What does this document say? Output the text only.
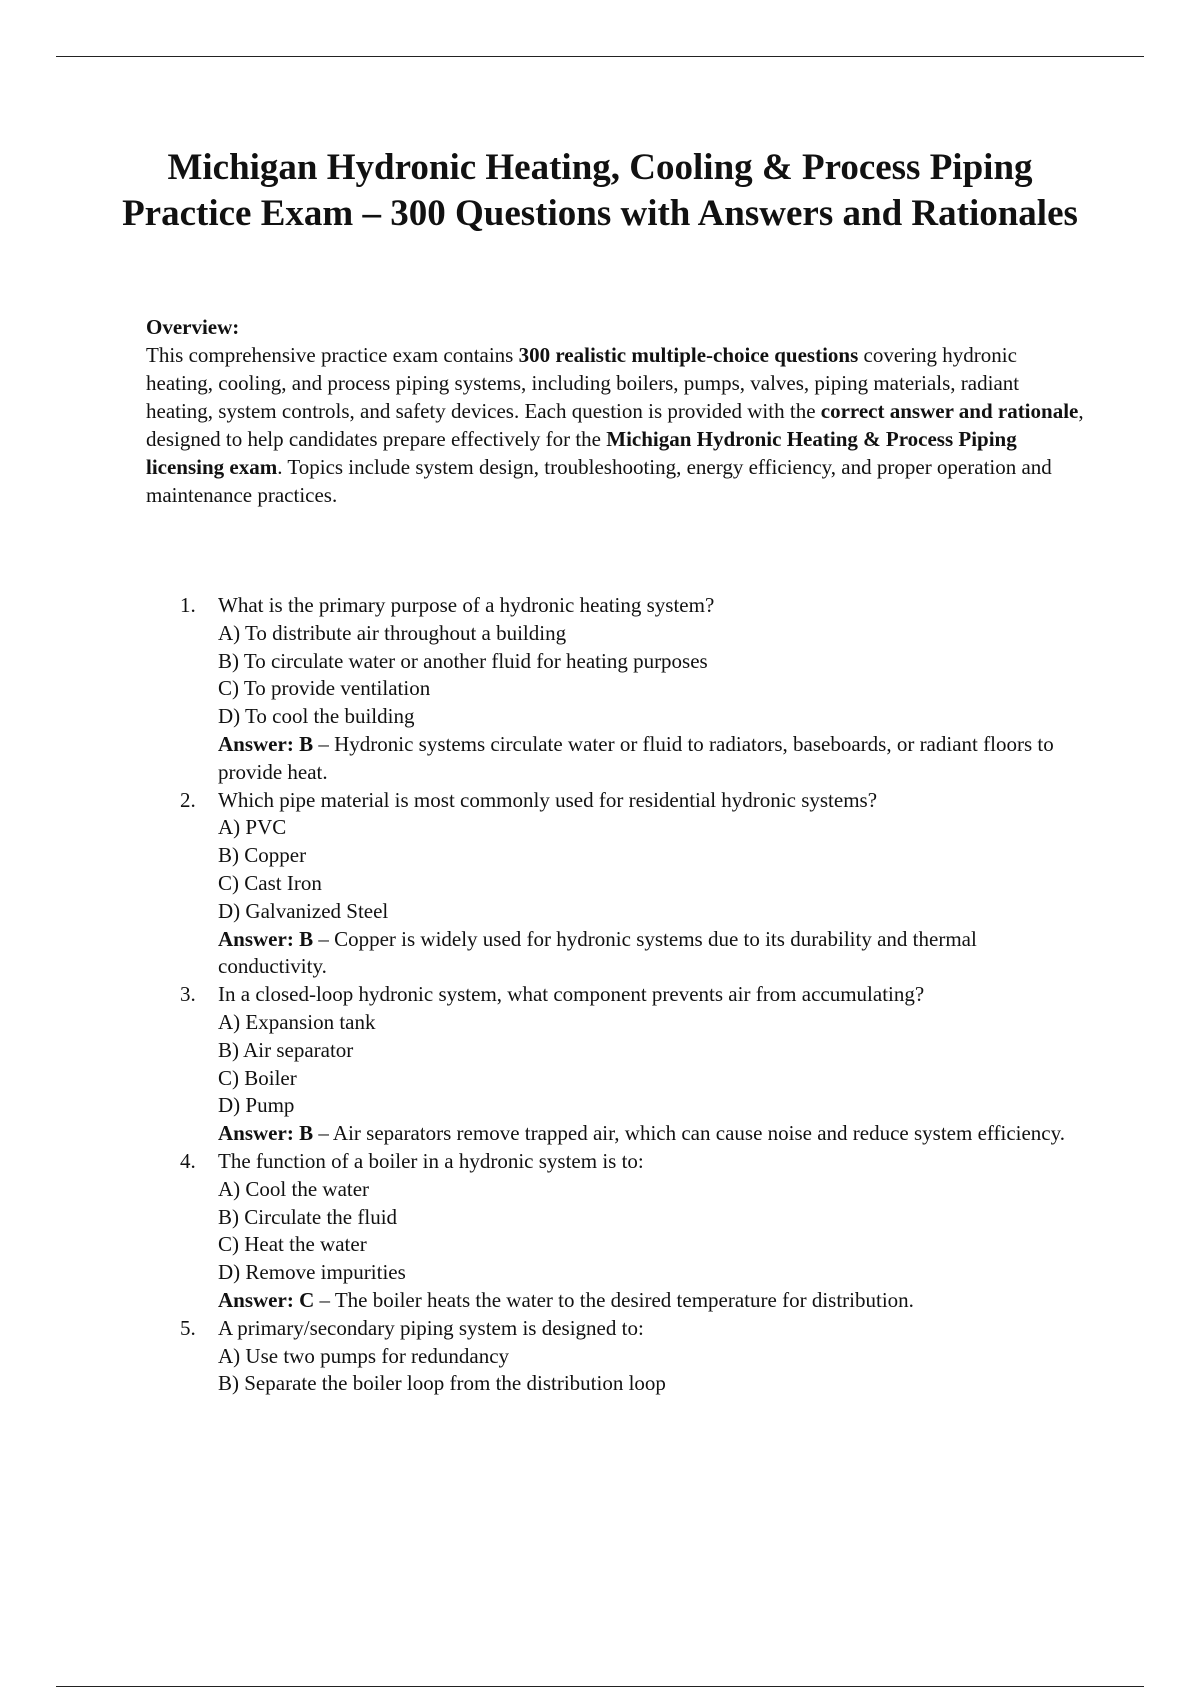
Michigan Hydronic Heating, Cooling & Process Piping Practice Exam – 300 Questions with Answers and Rationales
Overview:

This comprehensive practice exam contains 300 realistic multiple-choice questions covering hydronic heating, cooling, and process piping systems, including boilers, pumps, valves, piping materials, radiant heating, system controls, and safety devices. Each question is provided with the correct answer and rationale, designed to help candidates prepare effectively for the Michigan Hydronic Heating & Process Piping licensing exam. Topics include system design, troubleshooting, energy efficiency, and proper operation and maintenance practices.

1. What is the primary purpose of a hydronic heating system?
A) To distribute air throughout a building
B) To circulate water or another fluid for heating purposes
C) To provide ventilation
D) To cool the building
Answer: B – Hydronic systems circulate water or fluid to radiators, baseboards, or radiant floors to provide heat.
2. Which pipe material is most commonly used for residential hydronic systems?
A) PVC
B) Copper
C) Cast Iron
D) Galvanized Steel
Answer: B – Copper is widely used for hydronic systems due to its durability and thermal conductivity.
3. In a closed-loop hydronic system, what component prevents air from accumulating?
A) Expansion tank
B) Air separator
C) Boiler
D) Pump
Answer: B – Air separators remove trapped air, which can cause noise and reduce system efficiency.
4. The function of a boiler in a hydronic system is to:
A) Cool the water
B) Circulate the fluid
C) Heat the water
D) Remove impurities
Answer: C – The boiler heats the water to the desired temperature for distribution.
5. A primary/secondary piping system is designed to:
A) Use two pumps for redundancy
B) Separate the boiler loop from the distribution loop
